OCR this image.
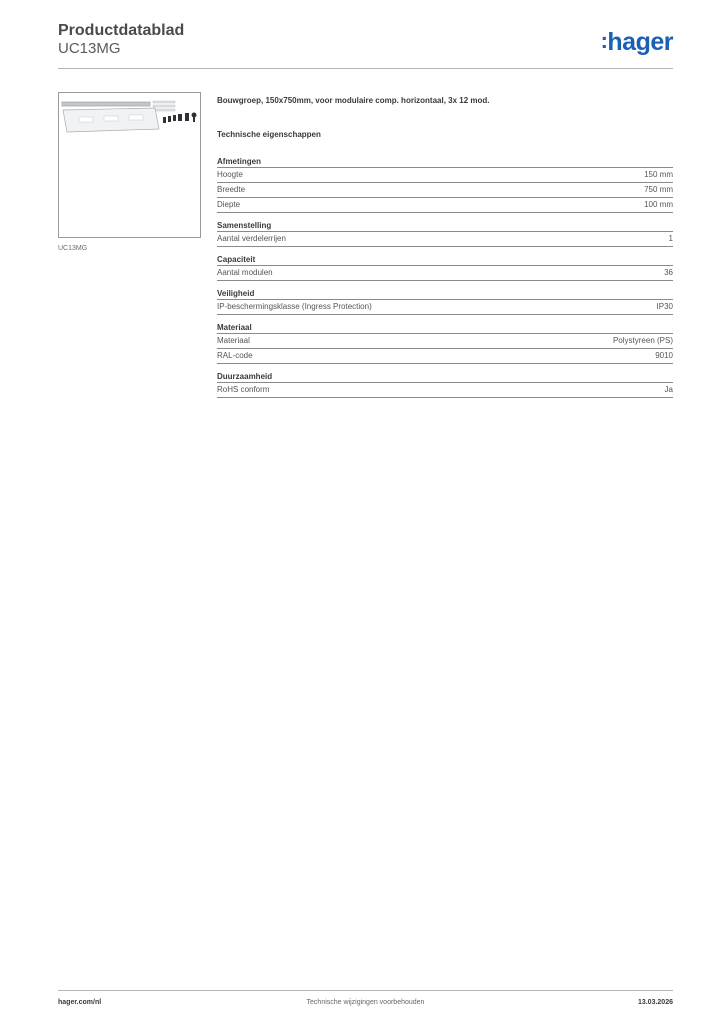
Productdatablad
UC13MG	:hager
UC13MG
Bouwgroep, 150x750mm, voor modulaire comp. horizontaal, 3x 12 mod.
Technische eigenschappen
Afmetingen
Hoogte	150 mm
Breedte	750 mm
Diepte	100 mm
Samenstelling
Aantal verdelerrijen	1
Capaciteit
Aantal modulen	36
Veiligheid
IP-beschermingsklasse (Ingress Protection)	IP30
Materiaal
Materiaal	Polystyreen (PS)
RAL-code	9010
Duurzaamheid
RoHS conform	Ja
hager.com/nl	Technische wijzigingen voorbehouden	13.03.2026
